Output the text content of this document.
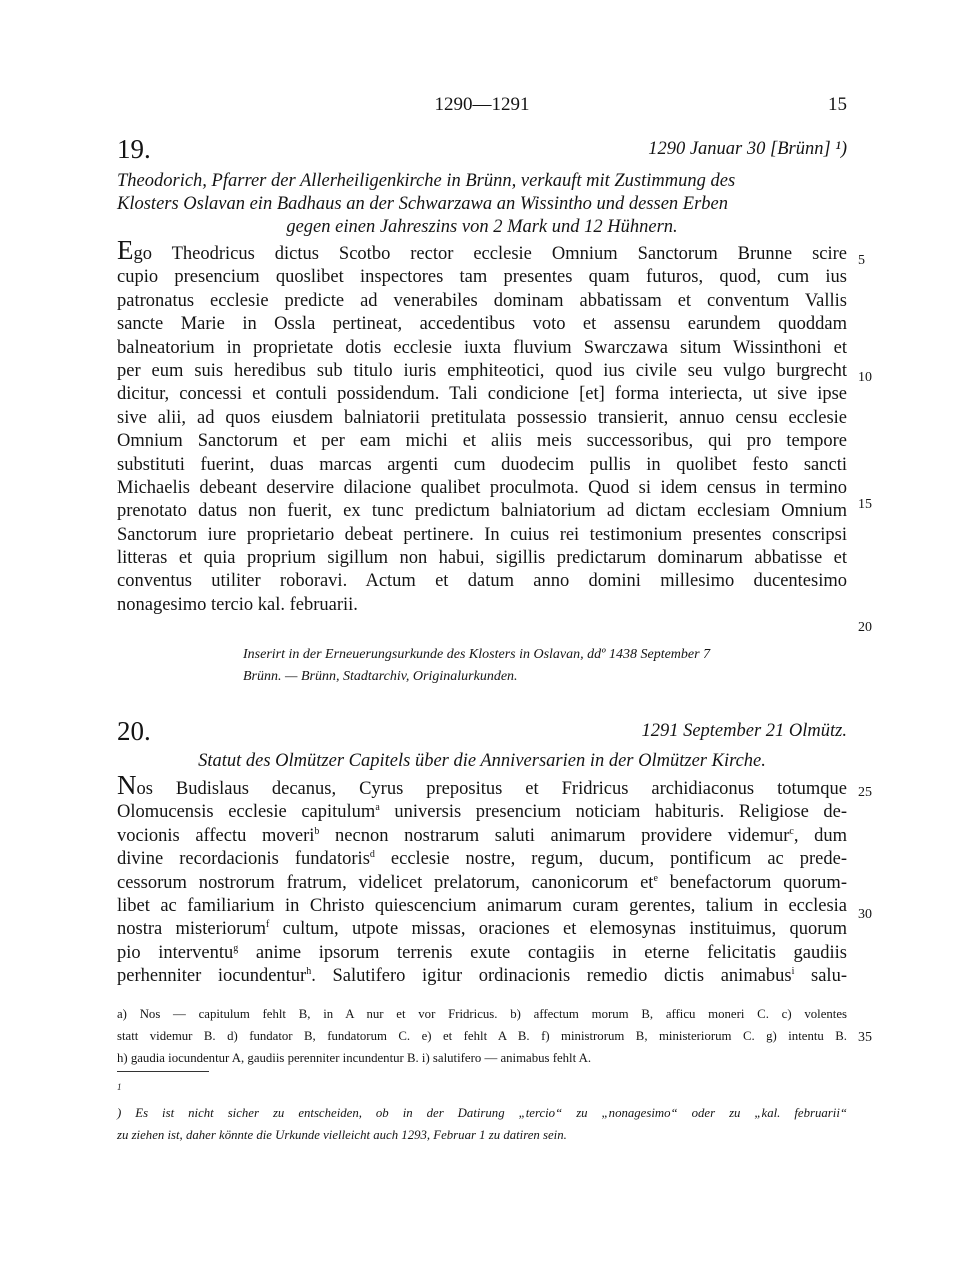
1290—1291	15
19.	1290 Januar 30 [Brünn] ¹)
Theodorich, Pfarrer der Allerheiligenkirche in Brünn, verkauft mit Zustimmung des
Klosters Oslavan ein Badhaus an der Schwarzawa an Wissintho und dessen Erben
gegen einen Jahreszins von 2 Mark und 12 Hühnern.
Ego Theodricus dictus Scotbo rector ecclesie Omnium Sanctorum Brunne scire
cupio presencium quoslibet inspectores tam presentes quam futuros, quod, cum ius
patronatus ecclesie predicte ad venerabiles dominam abbatissam et conventum Vallis
sancte Marie in Ossla pertineat, accedentibus voto et assensu earundem quoddam
balneatorium in proprietate dotis ecclesie iuxta fluvium Swarczawa situm Wissinthoni et
per eum suis heredibus sub titulo iuris emphiteotici, quod ius civile seu vulgo burgrecht
dicitur, concessi et contuli possidendum. Tali condicione [et] forma interiecta, ut sive ipse
sive alii, ad quos eiusdem balniatorii pretitulata possessio transierit, annuo censu ecclesie
Omnium Sanctorum et per eam michi et aliis meis successoribus, qui pro tempore
substituti fuerint, duas marcas argenti cum duodecim pullis in quolibet festo sancti
Michaelis debeant deservire dilacione qualibet proculmota. Quod si idem census in termino
prenotato datus non fuerit, ex tunc predictum balniatorium ad dictam ecclesiam Omnium
Sanctorum iure proprietario debeat pertinere. In cuius rei testimonium presentes conscripsi
litteras et quia proprium sigillum non habui, sigillis predictarum dominarum abbatisse et
conventus utiliter roboravi. Actum et datum anno domini millesimo ducentesimo
nonagesimo tercio kal. februarii.
Inserirt in der Erneuerungsurkunde des Klosters in Oslavan, ddº 1438 September 7
Brünn. — Brünn, Stadtarchiv, Originalurkunden.
20.	1291 September 21 Olmütz.
Statut des Olmützer Capitels über die Anniversarien in der Olmützer Kirche.
Nos Budislaus decanus, Cyrus prepositus et Fridricus archidiaconus totumque
Olomucensis ecclesie capitulum$^a$ universis presencium noticiam habituris. Religiose de-
vocionis affectu moveri$^b$ necnon nostrarum saluti animarum providere videmur$^c$, dum
divine recordacionis fundatoris$^d$ ecclesie nostre, regum, ducum, pontificum ac prede-
cessorum nostrorum fratrum, videlicet prelatorum, canonicorum $et^e$ benefactorum quorum-
libet ac familiarium in Christo quiescencium animarum curam gerentes, talium in ecclesia
nostra misteriorum$^f$ cultum, utpote missas, oraciones et elemosynas instituimus, quorum
pio interventu$^g$ anime ipsorum terrenis exute contagiis in eterne felicitatis gaudiis
perhenniter iocundentur$^h$. Salutifero igitur ordinacionis remedio dictis animabus$^i$ salu-
a) Nos — capitulum fehlt B, in A nur et vor Fridricus. b) affectum morum B, afficu moneri C. c) volentes
statt videmur B. d) fundator B, fundatorum C. e) et fehlt A B. f) ministrorum B, ministeriorum C. g) intentu B.
h) gaudia iocundentur A, gaudiis perenniter incundentur B. i) salutifero — animabus fehlt A.
5
10
15
20
25
30
35
$^1$
) Es ist nicht sicher zu entscheiden, ob in der Datirung „tercio“ zu „nonagesimo“ oder zu „kal. februarii“
zu ziehen ist, daher könnte die Urkunde vielleicht auch 1293, Februar 1 zu datiren sein.
